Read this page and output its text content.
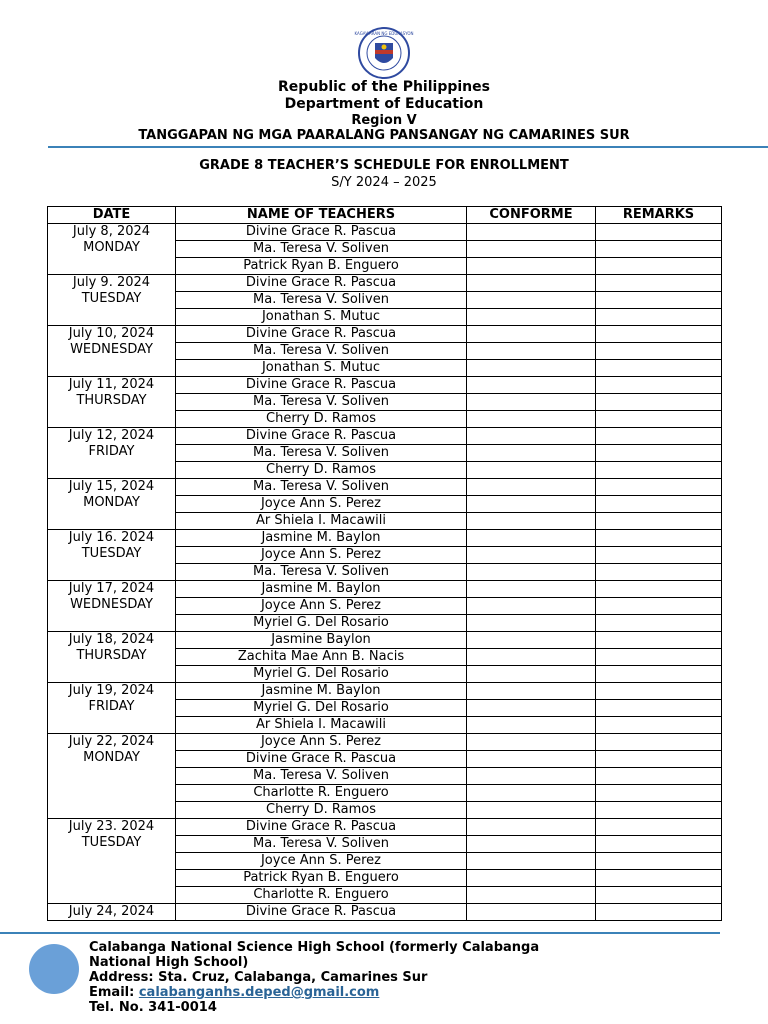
KAGAWARAN NG EDUKASYON
Republic of the Philippines
Department of Education
Region V
TANGGAPAN NG MGA PAARALANG PANSANGAY NG CAMARINES SUR
GRADE 8 TEACHER’S SCHEDULE FOR ENROLLMENT
S/Y 2024 – 2025
DATE	NAME OF TEACHERS	CONFORME	REMARKS

July 8, 2024
MONDAY	Divine Grace R. Pascua		
	Ma. Teresa V. Soliven		
	Patrick Ryan B. Enguero		

July 9. 2024
TUESDAY	Divine Grace R. Pascua		
	Ma. Teresa V. Soliven		
	Jonathan S. Mutuc		

July 10, 2024
WEDNESDAY	Divine Grace R. Pascua		
	Ma. Teresa V. Soliven		
	Jonathan S. Mutuc		

July 11, 2024
THURSDAY	Divine Grace R. Pascua		
	Ma. Teresa V. Soliven		
	Cherry D. Ramos		

July 12, 2024
FRIDAY	Divine Grace R. Pascua		
	Ma. Teresa V. Soliven		
	Cherry D. Ramos		

July 15, 2024
MONDAY	Ma. Teresa V. Soliven		
	Joyce Ann S. Perez		
	Ar Shiela I. Macawili		

July 16. 2024
TUESDAY	Jasmine M. Baylon		
	Joyce Ann S. Perez		
	Ma. Teresa V. Soliven		

July 17, 2024
WEDNESDAY	Jasmine M. Baylon		
	Joyce Ann S. Perez		
	Myriel G. Del Rosario		

July 18, 2024
THURSDAY	Jasmine Baylon		
	Zachita Mae Ann B. Nacis		
	Myriel G. Del Rosario		

July 19, 2024
FRIDAY	Jasmine M. Baylon		
	Myriel G. Del Rosario		
	Ar Shiela I. Macawili		

July 22, 2024
MONDAY	Joyce Ann S. Perez		
	Divine Grace R. Pascua		
	Ma. Teresa V. Soliven		
	Charlotte R. Enguero		
	Cherry D. Ramos		

July 23. 2024
TUESDAY	Divine Grace R. Pascua		
	Ma. Teresa V. Soliven		
	Joyce Ann S. Perez		
	Patrick Ryan B. Enguero		
	Charlotte R. Enguero		

July 24, 2024	Divine Grace R. Pascua		
Calabanga National Science High School (formerly Calabanga
National High School)
Address: Sta. Cruz, Calabanga, Camarines Sur
Email: calabanganhs.deped@gmail.com
Tel. No. 341-0014
